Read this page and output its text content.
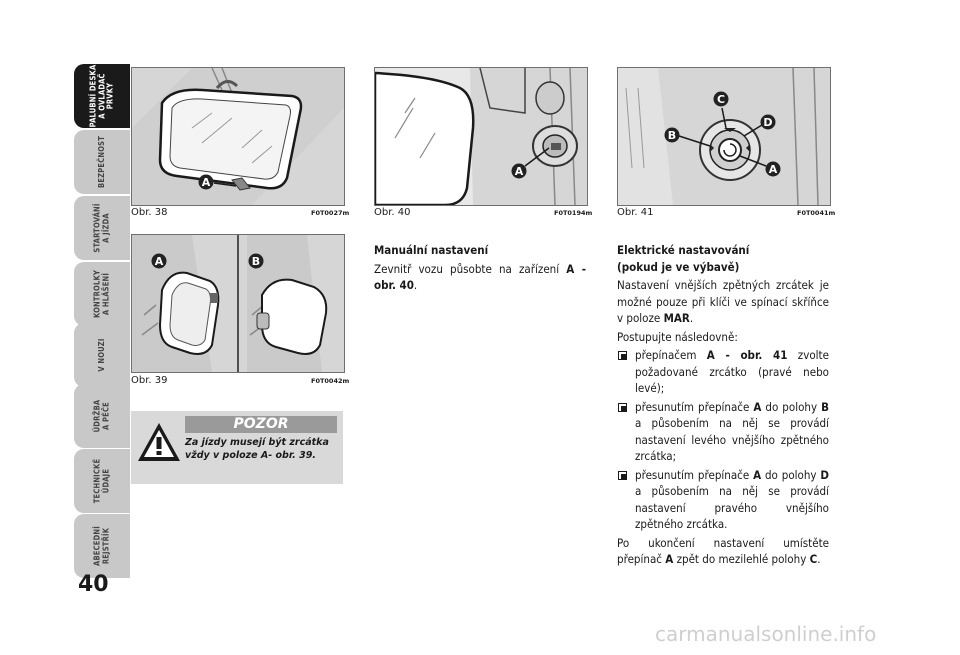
PALUBNÍ DESKA
A OVLADAČ PRVKY
BEZPEČNOST
STARTOVÁNÍ
A JÍZDA
KONTROLKY
A HLÁŠENÍ
V NOUZI
ÚDRŽBA
A PÉČE
TECHNICKÉ
ÚDAJE
ABECEDNÍ
REJSTŘÍK
40
A
Obr. 38	F0T0027m
A	B
Obr. 39	F0T0042m
POZOR
Za jízdy musejí být zrcátka vždy v poloze A- obr. 39.
A
Obr. 40	F0T0194m
B
C
D
A
Obr. 41	F0T0041m

Manuální nastavení

Zevnitř vozu působte na zařízení A - obr. 40.

Elektrické nastavování
(pokud je ve výbavě)

Nastavení vnějších zpětných zrcátek je možné pouze při klíči ve spínací skříňce v poloze MAR.

Postupujte následovně:

přepínačem A - obr. 41 zvolte požadované zrcátko (pravé nebo levé);
přesunutím přepínače A do polohy B a působením na něj se provádí nastavení levého vnějšího zpětného zrcátka;
přesunutím přepínače A do polohy D a působením na něj se provádí nastavení pravého vnějšího zpětného zrcátka.

Po ukončení nastavení umístěte přepínač A zpět do mezilehlé polohy C.

carmanualsonline.info
